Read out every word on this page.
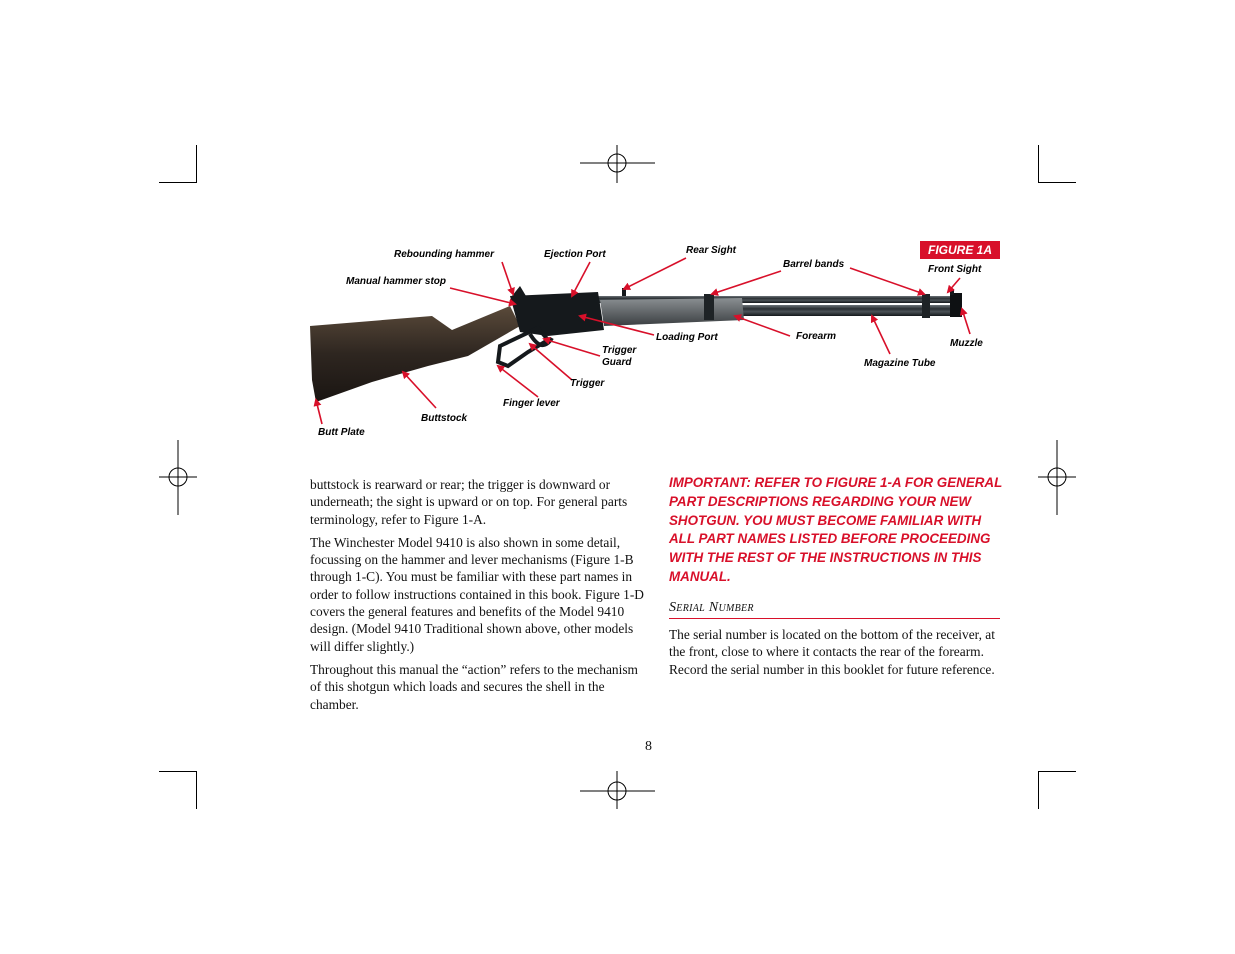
FIGURE 1A
Rebounding hammer	Ejection Port	Rear Sight
Barrel bands	Front Sight
Manual hammer stop
Loading Port	Forearm
Muzzle
Trigger
Guard	Magazine Tube
Trigger
Finger lever
Buttstock
Butt Plate

buttstock is rearward or rear; the trigger is downward or underneath; the sight is upward or on top. For general parts terminology, refer to Figure 1-A.

The Winchester Model 9410 is also shown in some detail, focussing on the hammer and lever mechanisms (Figure 1-B through 1-C). You must be familiar with these part names in order to follow instructions contained in this book. Figure 1-D covers the general features and benefits of the Model 9410 design. (Model 9410 Traditional shown above, other models will differ slightly.)

Throughout this manual the “action” refers to the mechanism of this shotgun which loads and secures the shell in the chamber.

IMPORTANT: REFER TO FIGURE 1-A FOR GENERAL PART DESCRIPTIONS REGARDING YOUR NEW SHOTGUN. YOU MUST BECOME FAMILIAR WITH ALL PART NAMES LISTED BEFORE PROCEEDING WITH THE REST OF THE INSTRUCTIONS IN THIS MANUAL.
Serial Number

The serial number is located on the bottom of the receiver, at the front, close to where it contacts the rear of the forearm. Record the serial number in this booklet for future reference.

8
